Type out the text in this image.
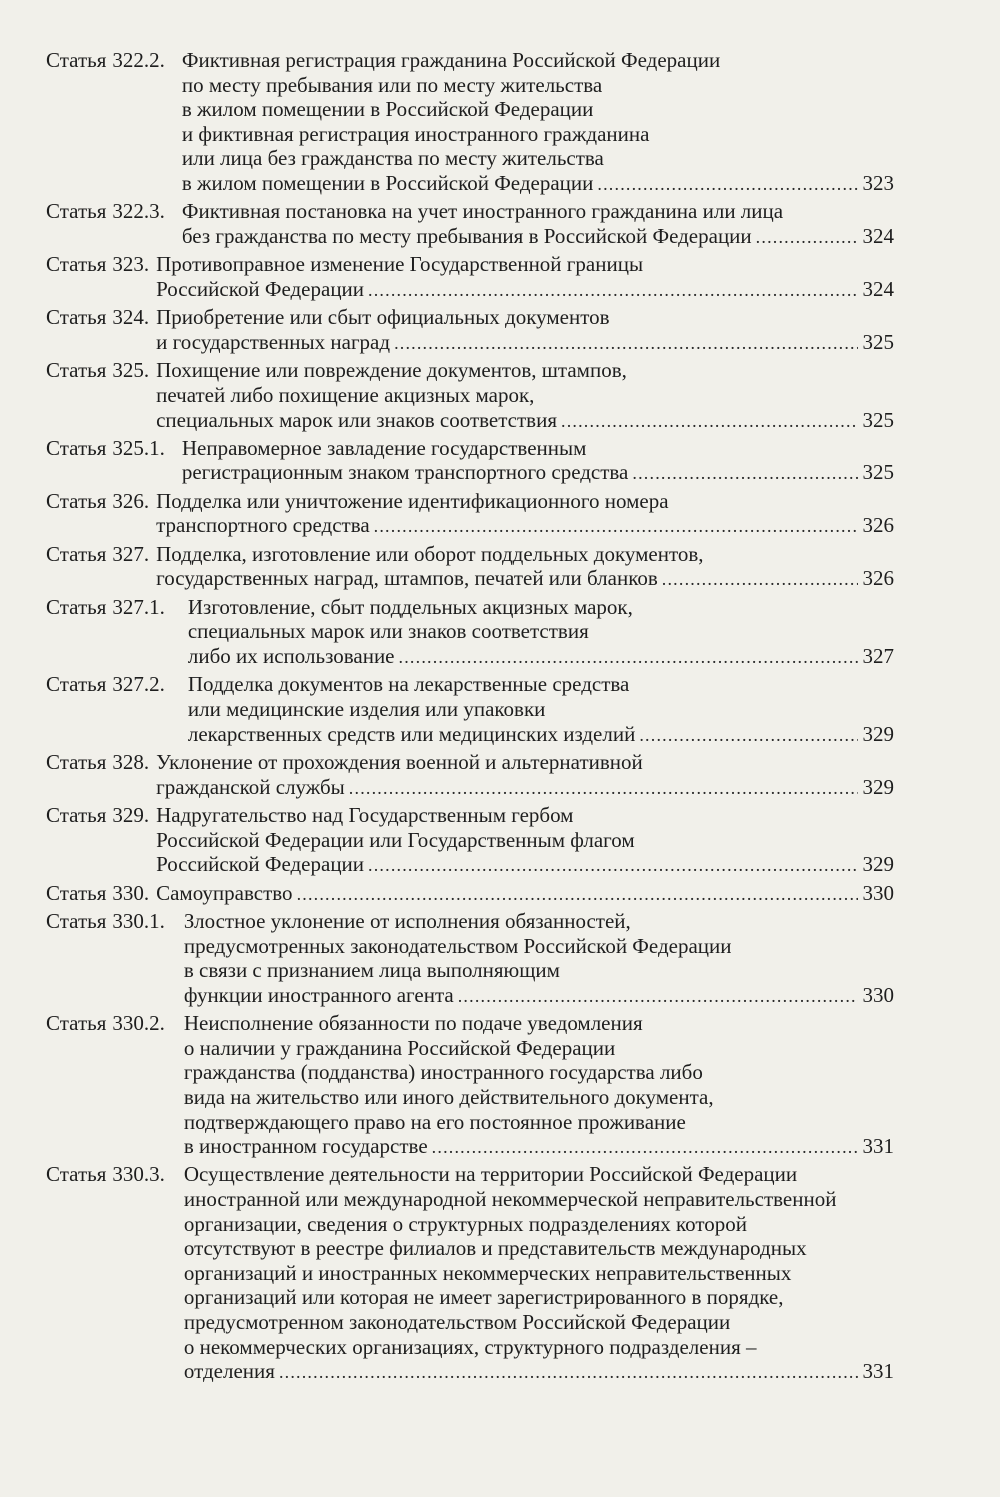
Статья 322.2. Фиктивная регистрация гражданина Российской Федерации
по месту пребывания или по месту жительства
в жилом помещении в Российской Федерации
и фиктивная регистрация иностранного гражданина
или лица без гражданства по месту жительства
в жилом помещении в Российской Федерации .....	323
Статья 322.3. Фиктивная постановка на учет иностранного гражданина или лица
без гражданства по месту пребывания в Российской Федерации .....	324
Статья 323. Противоправное изменение Государственной границы
Российской Федерации .....	324
Статья 324. Приобретение или сбыт официальных документов
и государственных наград .....	325
Статья 325. Похищение или повреждение документов, штампов,
печатей либо похищение акцизных марок,
специальных марок или знаков соответствия .....	325
Статья 325.1. Неправомерное завладение государственным
регистрационным знаком транспортного средства .....	325
Статья 326. Подделка или уничтожение идентификационного номера
транспортного средства .....	326
Статья 327. Подделка, изготовление или оборот поддельных документов,
государственных наград, штампов, печатей или бланков .....	326
Статья 327.1. Изготовление, сбыт поддельных акцизных марок,
специальных марок или знаков соответствия
либо их использование .....	327
Статья 327.2. Подделка документов на лекарственные средства
или медицинские изделия или упаковки
лекарственных средств или медицинских изделий .....	329
Статья 328. Уклонение от прохождения военной и альтернативной
гражданской службы .....	329
Статья 329. Надругательство над Государственным гербом
Российской Федерации или Государственным флагом
Российской Федерации .....	329
Статья 330. Самоуправство .....	330
Статья 330.1. Злостное уклонение от исполнения обязанностей,
предусмотренных законодательством Российской Федерации
в связи с признанием лица выполняющим
функции иностранного агента .....	330
Статья 330.2. Неисполнение обязанности по подаче уведомления
о наличии у гражданина Российской Федерации
гражданства (подданства) иностранного государства либо
вида на жительство или иного действительного документа,
подтверждающего право на его постоянное проживание
в иностранном государстве .....	331
Статья 330.3. Осуществление деятельности на территории Российской Федерации
иностранной или международной некоммерческой неправительственной
организации, сведения о структурных подразделениях которой
отсутствуют в реестре филиалов и представительств международных
организаций и иностранных некоммерческих неправительственных
организаций или которая не имеет зарегистрированного в порядке,
предусмотренном законодательством Российской Федерации
о некоммерческих организациях, структурного подразделения –
отделения .....	331
